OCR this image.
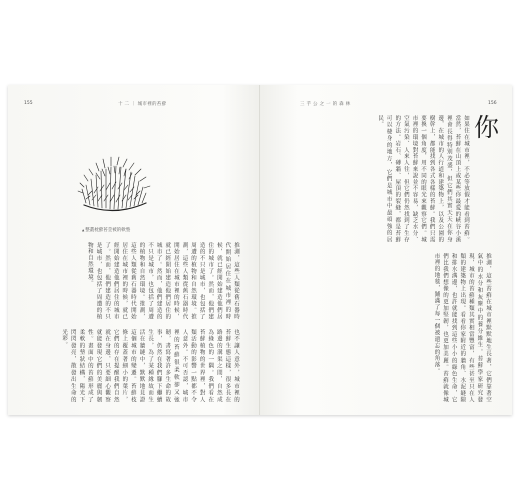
155	十 二 ｜ 城市裡的苔蘚
▲ 整叢枕蘚苔莖被的軟墊
推測，這些人類從舊石器時代開始居住在城市裡的時候，就已經開始建造他們居住的城市了。然而，他們建造的不只是城市，也包括了周遭的植物和自然環境。推測，這些人類從舊石器時代開始居住在城市裡的時候，就已經開始建造他們居住的城市了。然而，他們建造的不只是城市，也包括了周遭的植物和自然環境。推測，這些人類從舊石器時代開始居住在城市裡的時候，就已經開始建造他們居住的城市了。然而，他們建造的不只是城市，也包括了周遭的植物和自然環境。
也不讓人意外，城市裡的苔蘚生態這樣，很多長在路邊的溝渠之間，自然成為綠色的一隅。我們看在苔蘚植物的世界裡，對人類活動的影響一點都不令人意外。不可否認，城市裡的苔蘚很柔軟卻又強韌，書寫著許多生命的故事，仍然在我們腳下繼續生長，為了某種緣故而生活在牆縫中，默默地見證這個城市的變遷。苔蘚枝條上覆蓋著細小的葉片，它們的存在提醒我們自然就在身邊，只要細心觀察就能發現它們的美麗與韌性。畫面中的苔蘚形成了柔軟的墊狀結構，陽光下閃閃發亮，散發出生命的光彩。
三 芋 公 之 一 的 森 林	156
你
如果住在城市裡，不必等放假才能看到苔蘚。當然，苔蘚在山頂上或某些你最愛的峽谷小溪裡會長得特別茂盛，但它們其實天天在你身邊，在城市的人行道和建築物上，以及公園的樹幹上，都能找到各式各樣的苔蘚。我們只需要換一個角度，用不同的眼光來觀察它們。城市裡的環境對苔蘚來說並不容易，缺乏水分、空氣污染、人來人往，但它們仍然找到了生存的方法。岩石、磚牆、屋頂的裂縫，都是苔蘚可以棲身的地方，它們是城市中最頑強的居民。
推測，這些苔蘚在城市裡默默地生長著，它們靠著空氣中的水分和灰塵中的養分維生。苔蘚學家研究發現，城市的苔蘚種類其實相當豐富，有些甚至只在人類的建築物上出現。看看你家附近的牆角、水泥縫隙和排水溝邊，也許就能找到這些小小的綠色生命，它們比我們想像的更加堅韌，也更加美麗。苔蘚就像城市裡的地毯，鋪滿了每一個被遺忘的角落。
